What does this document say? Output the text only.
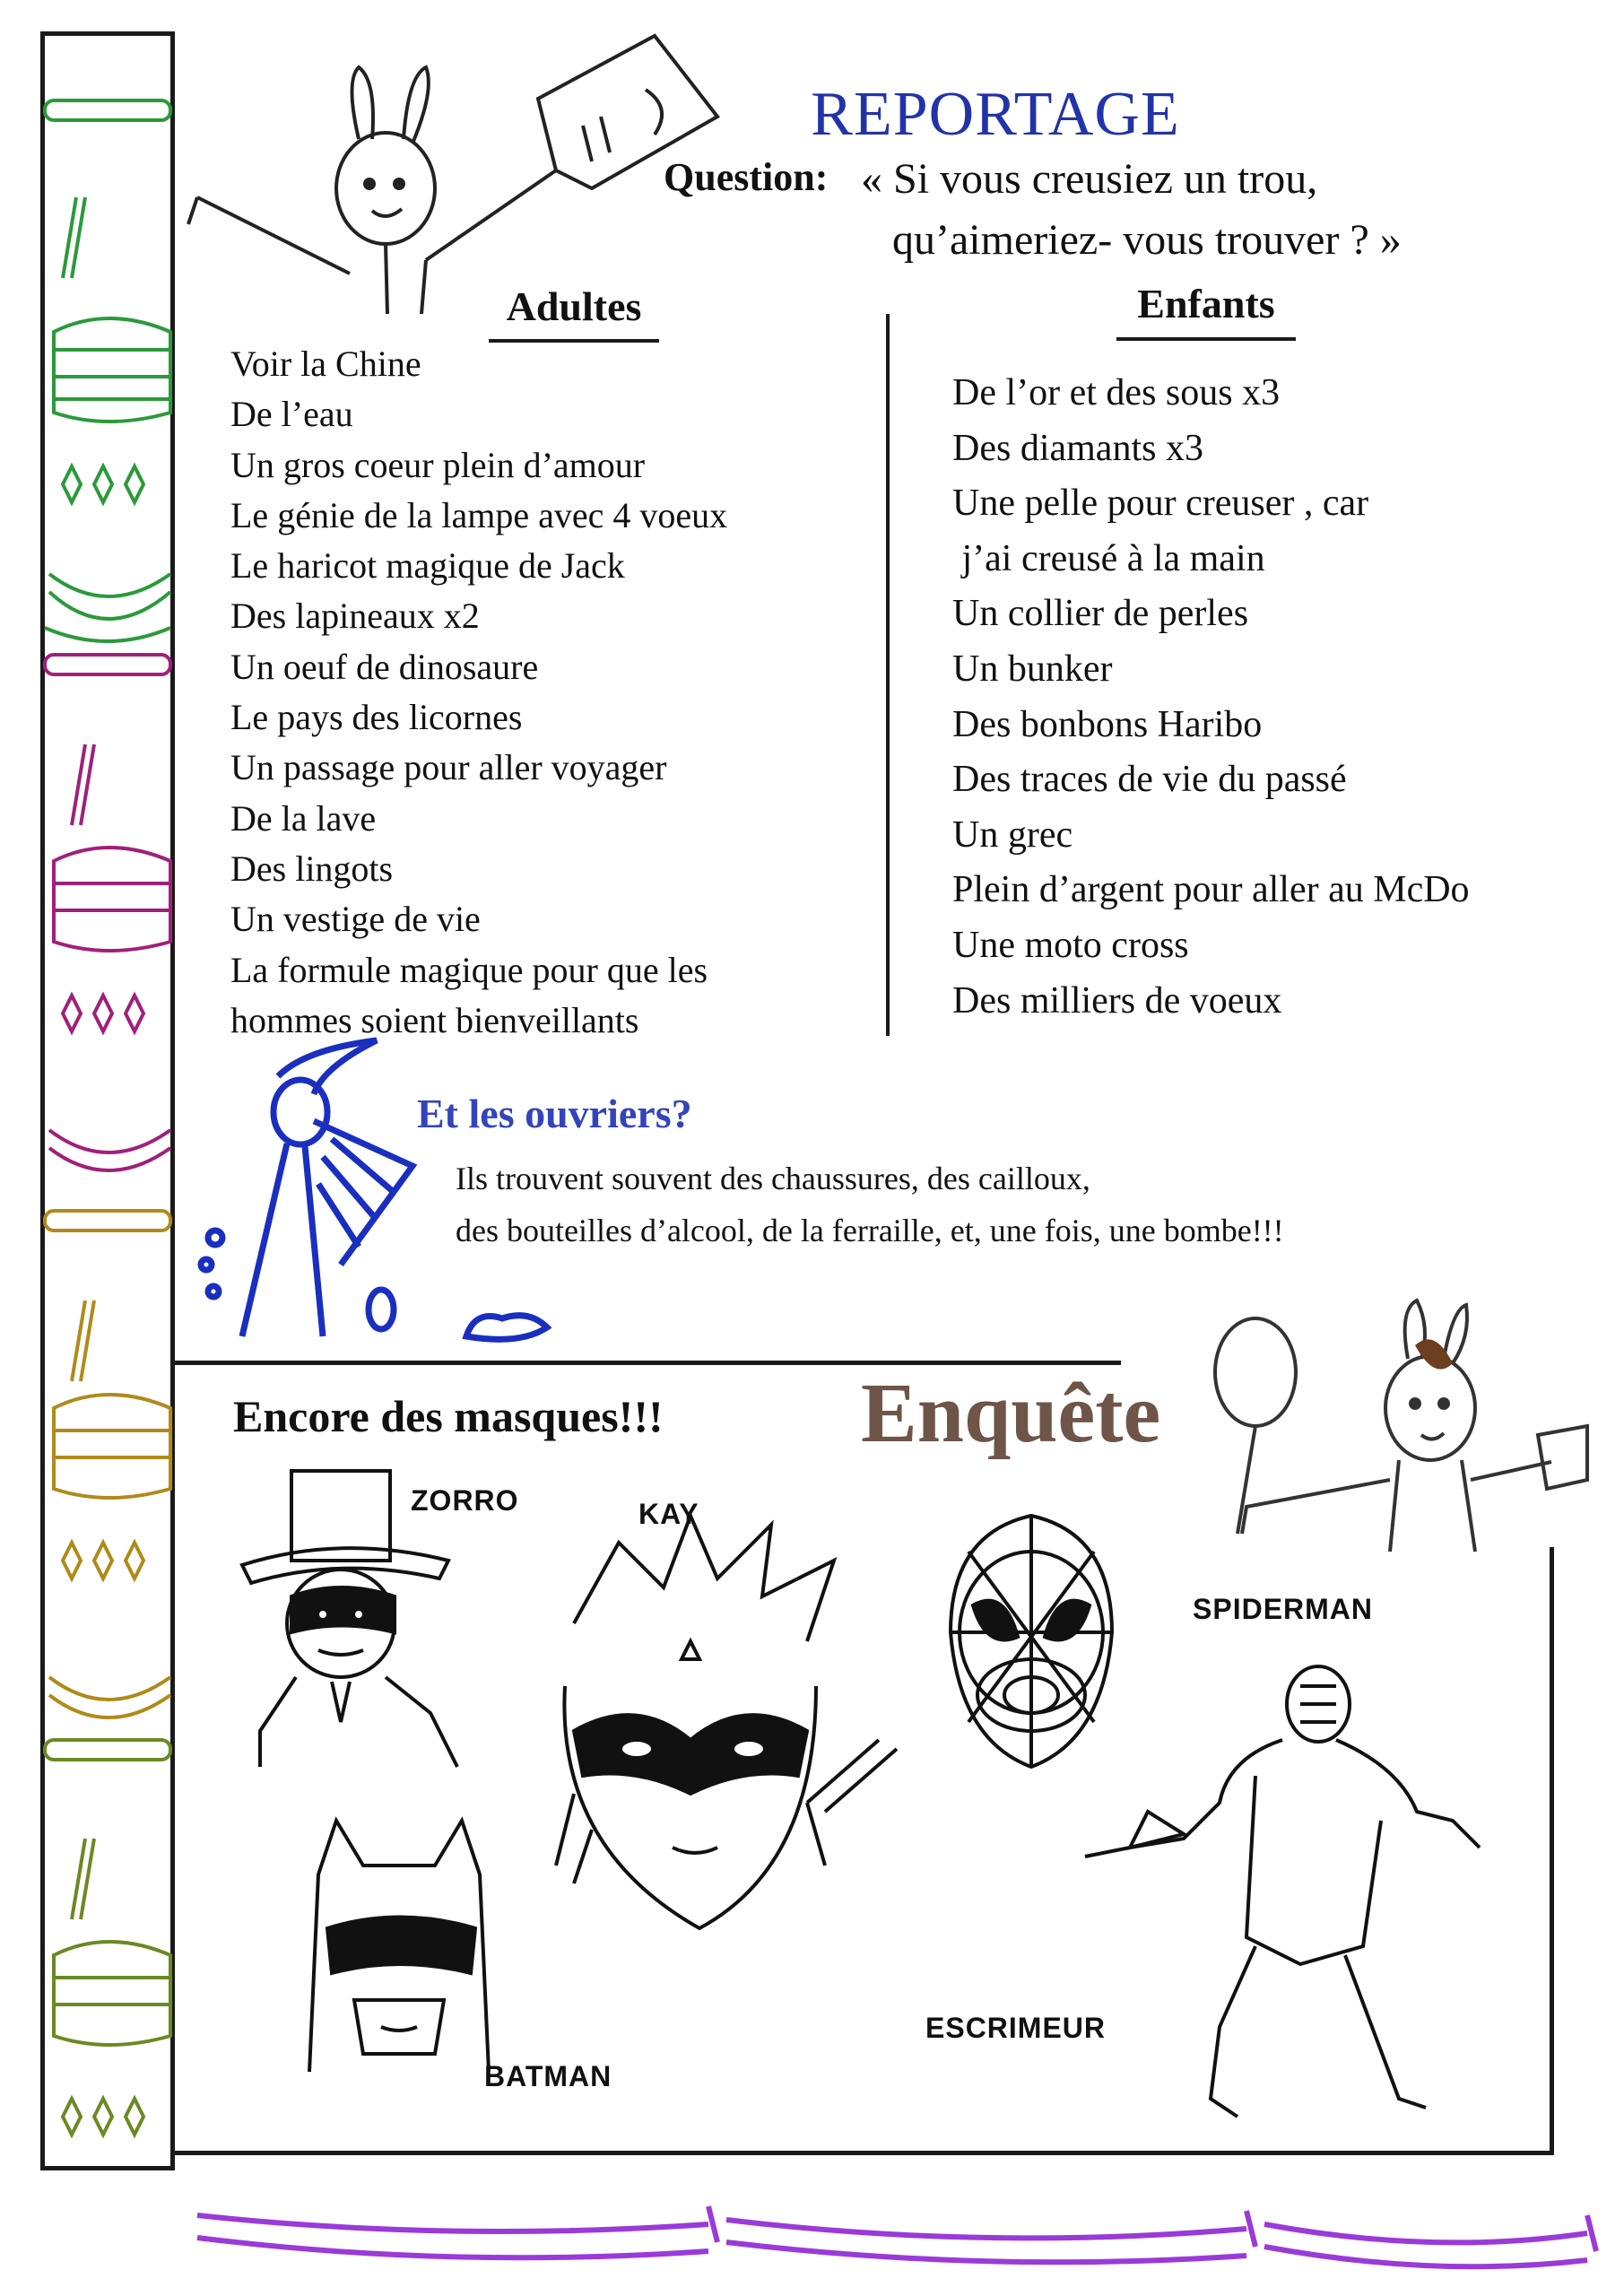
REPORTAGE
Question: « Si vous creusiez un trou,
qu’aimeriez- vous trouver ? »
Adultes
Voir la Chine
De l’eau
Un gros coeur plein d’amour
Le génie de la lampe avec 4 voeux
Le haricot magique de Jack
Des lapineaux x2
Un oeuf de dinosaure
Le pays des licornes
Un passage pour aller voyager
De la lave
Des lingots
Un vestige de vie
La formule magique pour que les
hommes soient bienveillants
Enfants
De l’or et des sous x3
Des diamants x3
Une pelle pour creuser , car
j’ai creusé à la main
Un collier de perles
Un bunker
Des bonbons Haribo
Des traces de vie du passé
Un grec
Plein d’argent pour aller au McDo
Une moto cross
Des milliers de voeux
Et les ouvriers?
Ils trouvent souvent des chaussures, des cailloux,
des bouteilles d’alcool, de la ferraille, et, une fois, une bombe!!!
Encore des masques!!! Enquête
ZORRO	KAY
SPIDERMAN
BATMAN
ESCRIMEUR
